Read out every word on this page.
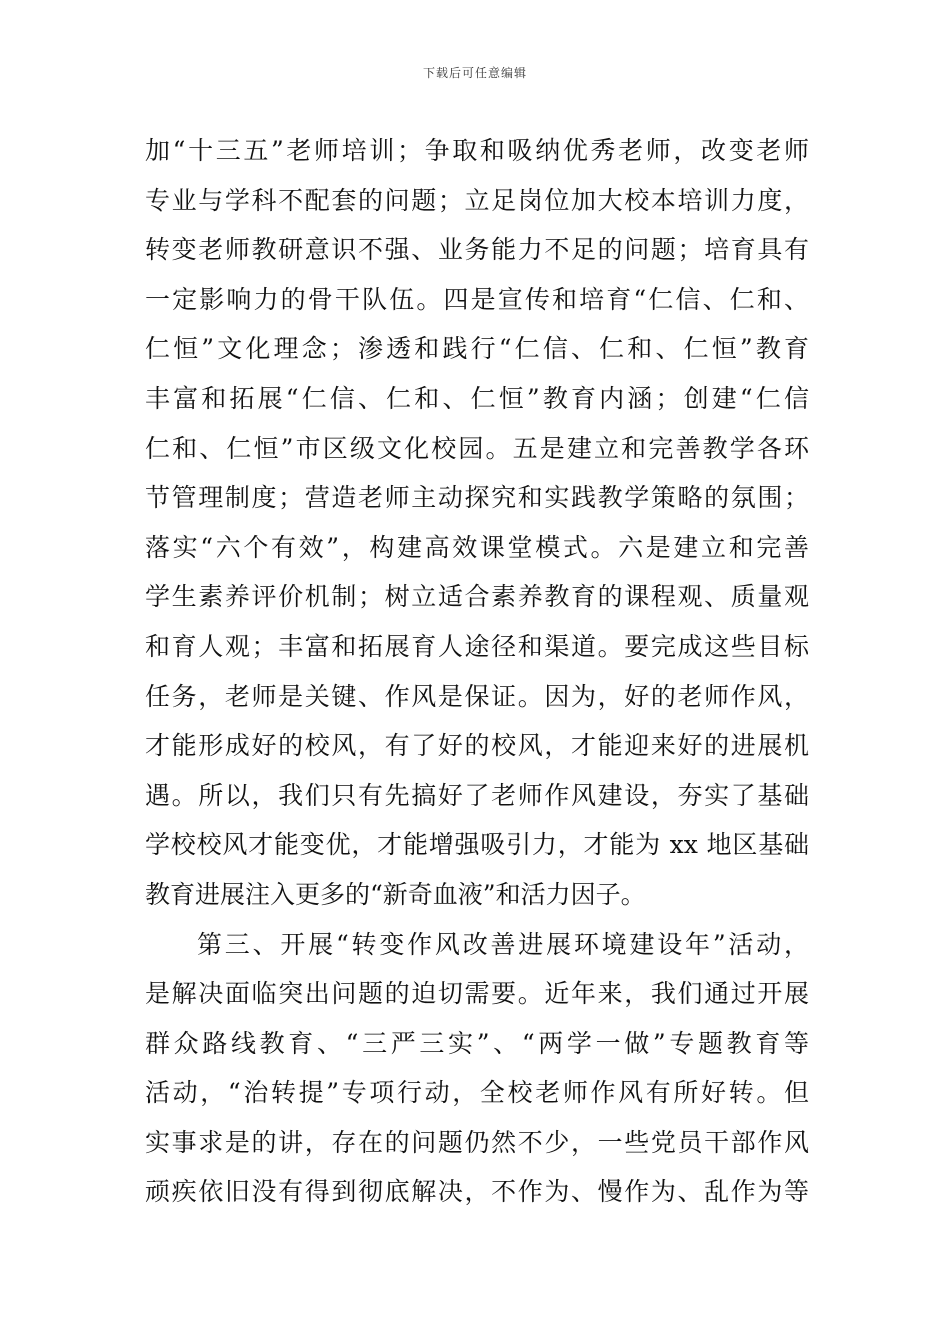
下载后可任意编辑
加“十三五”老师培训；争取和吸纳优秀老师，改变老师
专业与学科不配套的问题；立足岗位加大校本培训力度，
转变老师教研意识不强、业务能力不足的问题；培育具有
一定影响力的骨干队伍。四是宣传和培育“仁信、仁和、
仁恒”文化理念；渗透和践行“仁信、仁和、仁恒”教育
丰富和拓展“仁信、仁和、仁恒”教育内涵；创建“仁信
仁和、仁恒”市区级文化校园。五是建立和完善教学各环
节管理制度；营造老师主动探究和实践教学策略的氛围；
落实“六个有效”，构建高效课堂模式。六是建立和完善
学生素养评价机制；树立适合素养教育的课程观、质量观
和育人观；丰富和拓展育人途径和渠道。要完成这些目标
任务，老师是关键、作风是保证。因为，好的老师作风，
才能形成好的校风，有了好的校风，才能迎来好的进展机
遇。所以，我们只有先搞好了老师作风建设，夯实了基础
学校校风才能变优，才能增强吸引力，才能为 xx 地区基础
教育进展注入更多的“新奇血液”和活力因子。
第三、开展“转变作风改善进展环境建设年”活动，
是解决面临突出问题的迫切需要。近年来，我们通过开展
群众路线教育、“三严三实”、“两学一做”专题教育等
活动，“治转提”专项行动，全校老师作风有所好转。但
实事求是的讲，存在的问题仍然不少，一些党员干部作风
顽疾依旧没有得到彻底解决，不作为、慢作为、乱作为等
